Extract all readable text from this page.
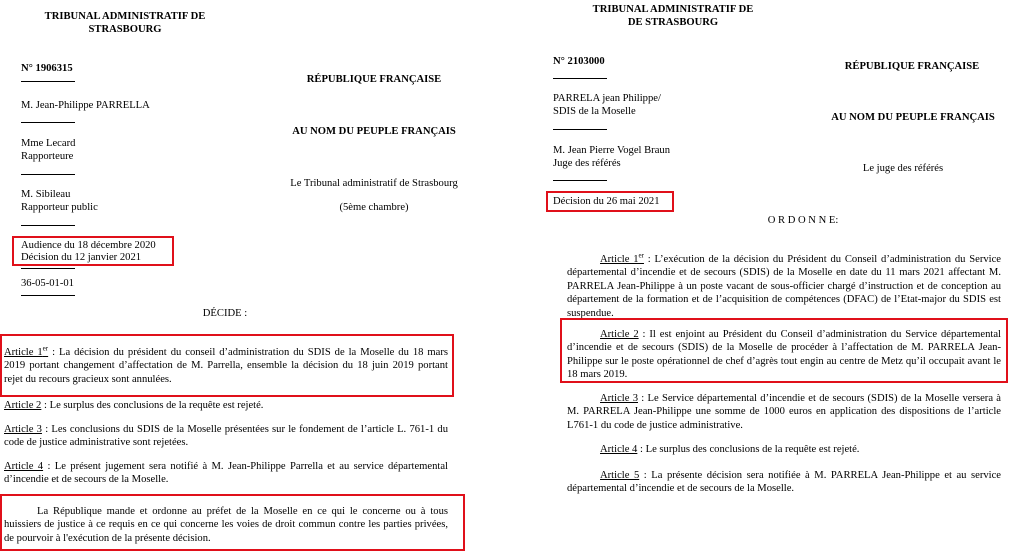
TRIBUNAL ADMINISTRATIF DE
STRASBOURG
N° 1906315
M. Jean-Philippe PARRELLA
Mme Lecard
Rapporteure
M. Sibileau
Rapporteur public
Audience du 18 décembre 2020
Décision du 12 janvier 2021
36-05-01-01
RÉPUBLIQUE FRANÇAISE
AU NOM DU PEUPLE FRANÇAIS
Le Tribunal administratif de Strasbourg
(5ème chambre)
DÉCIDE :
Article 1er : La décision du président du conseil d’administration du SDIS de la Moselle du 18 mars 2019 portant changement d’affectation de M. Parrella, ensemble la décision du 18 juin 2019 portant rejet du recours gracieux sont annulées.
Article 2 : Le surplus des conclusions de la requête est rejeté.
Article 3 : Les conclusions du SDIS de la Moselle présentées sur le fondement de l’article L. 761-1 du code de justice administrative sont rejetées.
Article 4 : Le présent jugement sera notifié à M. Jean-Philippe Parrella et au service départemental d’incendie et de secours de la Moselle.
La République mande et ordonne au préfet de la Moselle en ce qui le concerne ou à tous huissiers de justice à ce requis en ce qui concerne les voies de droit commun contre les parties privées, de pourvoir à l'exécution de la présente décision.
TRIBUNAL ADMINISTRATIF DE
DE STRASBOURG
N° 2103000
PARRELA jean Philippe/
SDIS de la Moselle
M. Jean Pierre Vogel Braun
Juge des référés
Décision du 26 mai 2021
RÉPUBLIQUE FRANÇAISE
AU NOM DU PEUPLE FRANÇAIS
Le juge des référés
O R D O N N E:
Article 1er : L’exécution de la décision du Président du Conseil d’administration du Service départemental d’incendie et de secours (SDIS) de la Moselle en date du 11 mars 2021 affectant M. PARRELA Jean-Philippe à un poste vacant de sous-officier chargé d’instruction et de conception au département de la formation et de l’acquisition de compétences (DFAC) de l’Etat-major du SDIS est suspendue.
Article 2 : Il est enjoint au Président du Conseil d’administration du Service départemental d’incendie et de secours (SDIS) de la Moselle de procéder à l’affectation de M. PARRELA Jean-Philippe sur le poste opérationnel de chef d’agrès tout engin au centre de Metz qu’il occupait avant le 18 mars 2019.
Article 3 : Le Service départemental d’incendie et de secours (SDIS) de la Moselle versera à M. PARRELA Jean-Philippe une somme de 1000 euros en application des dispositions de l’article L761-1 du code de justice administrative.
Article 4 : Le surplus des conclusions de la requête est rejeté.
Article 5 : La présente décision sera notifiée à M. PARRELA Jean-Philippe et au service départemental d’incendie et de secours de la Moselle.
